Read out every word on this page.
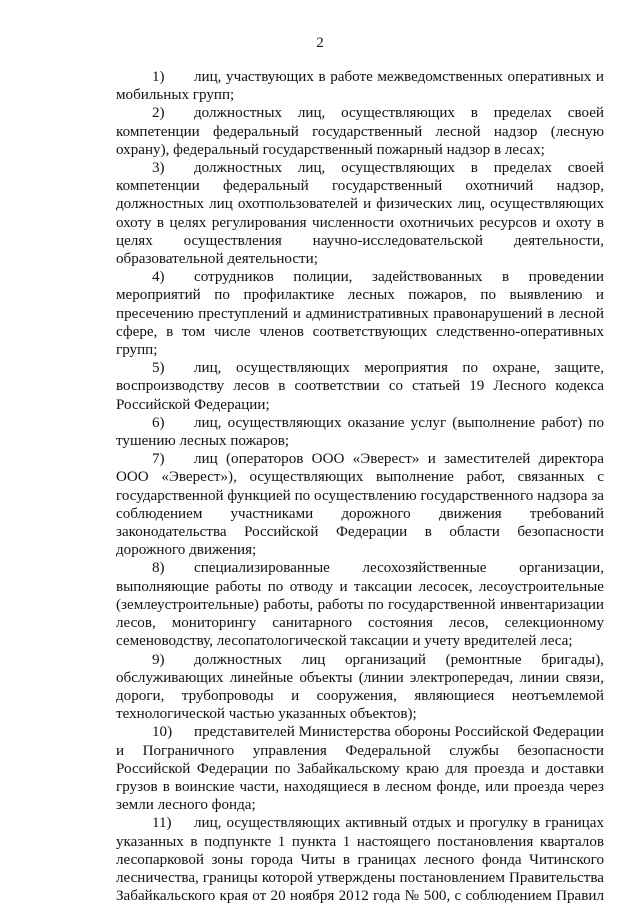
2

1) лиц, участвующих в работе межведомственных оперативных и мобильных групп;

2) должностных лиц, осуществляющих в пределах своей компетенции федеральный государственный лесной надзор (лесную охрану), федеральный государственный пожарный надзор в лесах;

3) должностных лиц, осуществляющих в пределах своей компетенции федеральный государственный охотничий надзор, должностных лиц охотпользователей и физических лиц, осуществляющих охоту в целях регулирования численности охотничьих ресурсов и охоту в целях осуществления научно-исследовательской деятельности, образовательной деятельности;

4) сотрудников полиции, задействованных в проведении мероприятий по профилактике лесных пожаров, по выявлению и пресечению преступлений и административных правонарушений в лесной сфере, в том числе членов соответствующих следственно-оперативных групп;

5) лиц, осуществляющих мероприятия по охране, защите, воспроизводству лесов в соответствии со статьей 19 Лесного кодекса Российской Федерации;

6) лиц, осуществляющих оказание услуг (выполнение работ) по тушению лесных пожаров;

7) лиц (операторов ООО «Эверест» и заместителей директора ООО «Эверест»), осуществляющих выполнение работ, связанных с государственной функцией по осуществлению государственного надзора за соблюдением участниками дорожного движения требований законодательства Российской Федерации в области безопасности дорожного движения;

8) специализированные лесохозяйственные организации, выполняющие работы по отводу и таксации лесосек, лесоустроительные (землеустроительные) работы, работы по государственной инвентаризации лесов, мониторингу санитарного состояния лесов, селекционному семеноводству, лесопатологической таксации и учету вредителей леса;

9) должностных лиц организаций (ремонтные бригады), обслуживающих линейные объекты (линии электропередач, линии связи, дороги, трубопроводы и сооружения, являющиеся неотъемлемой технологической частью указанных объектов);

10) представителей Министерства обороны Российской Федерации и Пограничного управления Федеральной службы безопасности Российской Федерации по Забайкальскому краю для проезда и доставки грузов в воинские части, находящиеся в лесном фонде, или проезда через земли лесного фонда;

11) лиц, осуществляющих активный отдых и прогулку в границах указанных в подпункте 1 пункта 1 настоящего постановления кварталов лесопарковой зоны города Читы в границах лесного фонда Читинского лесничества, границы которой утверждены постановлением Правительства Забайкальского края от 20 ноября 2012 года № 500, с соблюдением Правил
